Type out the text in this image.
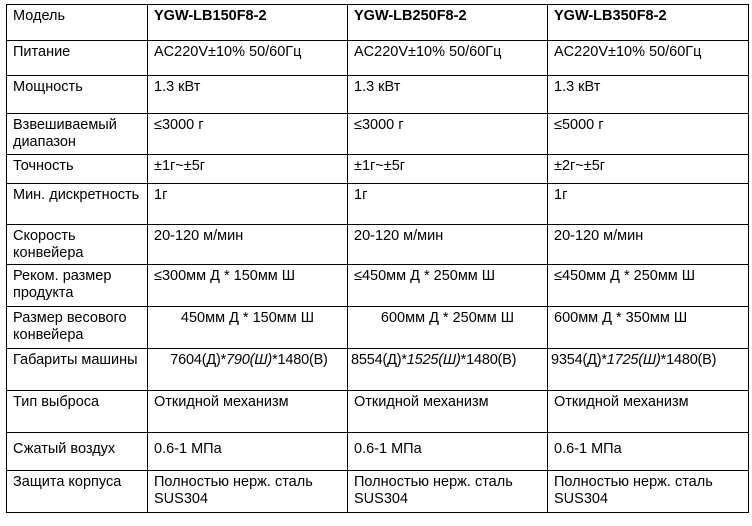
Модель	YGW-LB150F8-2	YGW-LB250F8-2	YGW-LB350F8-2
Питание	AC220V±10% 50/60Гц	AC220V±10% 50/60Гц	AC220V±10% 50/60Гц
Мощность	1.3 кВт	1.3 кВт	1.3 кВт
Взвешиваемый диапазон	≤3000 г	≤3000 г	≤5000 г
Точность	±1г~±5г	±1г~±5г	±2г~±5г
Мин. дискретность	1г	1г	1г
Скорость конвейера	20-120 м/мин	20-120 м/мин	20-120 м/мин
Реком. размер продукта	≤300мм Д * 150мм Ш	≤450мм Д * 250мм Ш	≤450мм Д * 250мм Ш
Размер весового конвейера	450мм Д * 150мм Ш	600мм Д * 250мм Ш	600мм Д * 350мм Ш
Габариты машины	7604(Д)*790(Ш)*1480(В)	8554(Д)*1525(Ш)*1480(В)	9354(Д)*1725(Ш)*1480(В)
Тип выброса	Откидной механизм	Откидной механизм	Откидной механизм
Сжатый воздух	0.6-1 МПа	0.6-1 МПа	0.6-1 МПа
Защита корпуса	Полностью нерж. сталь SUS304	Полностью нерж. сталь SUS304	Полностью нерж. сталь SUS304
